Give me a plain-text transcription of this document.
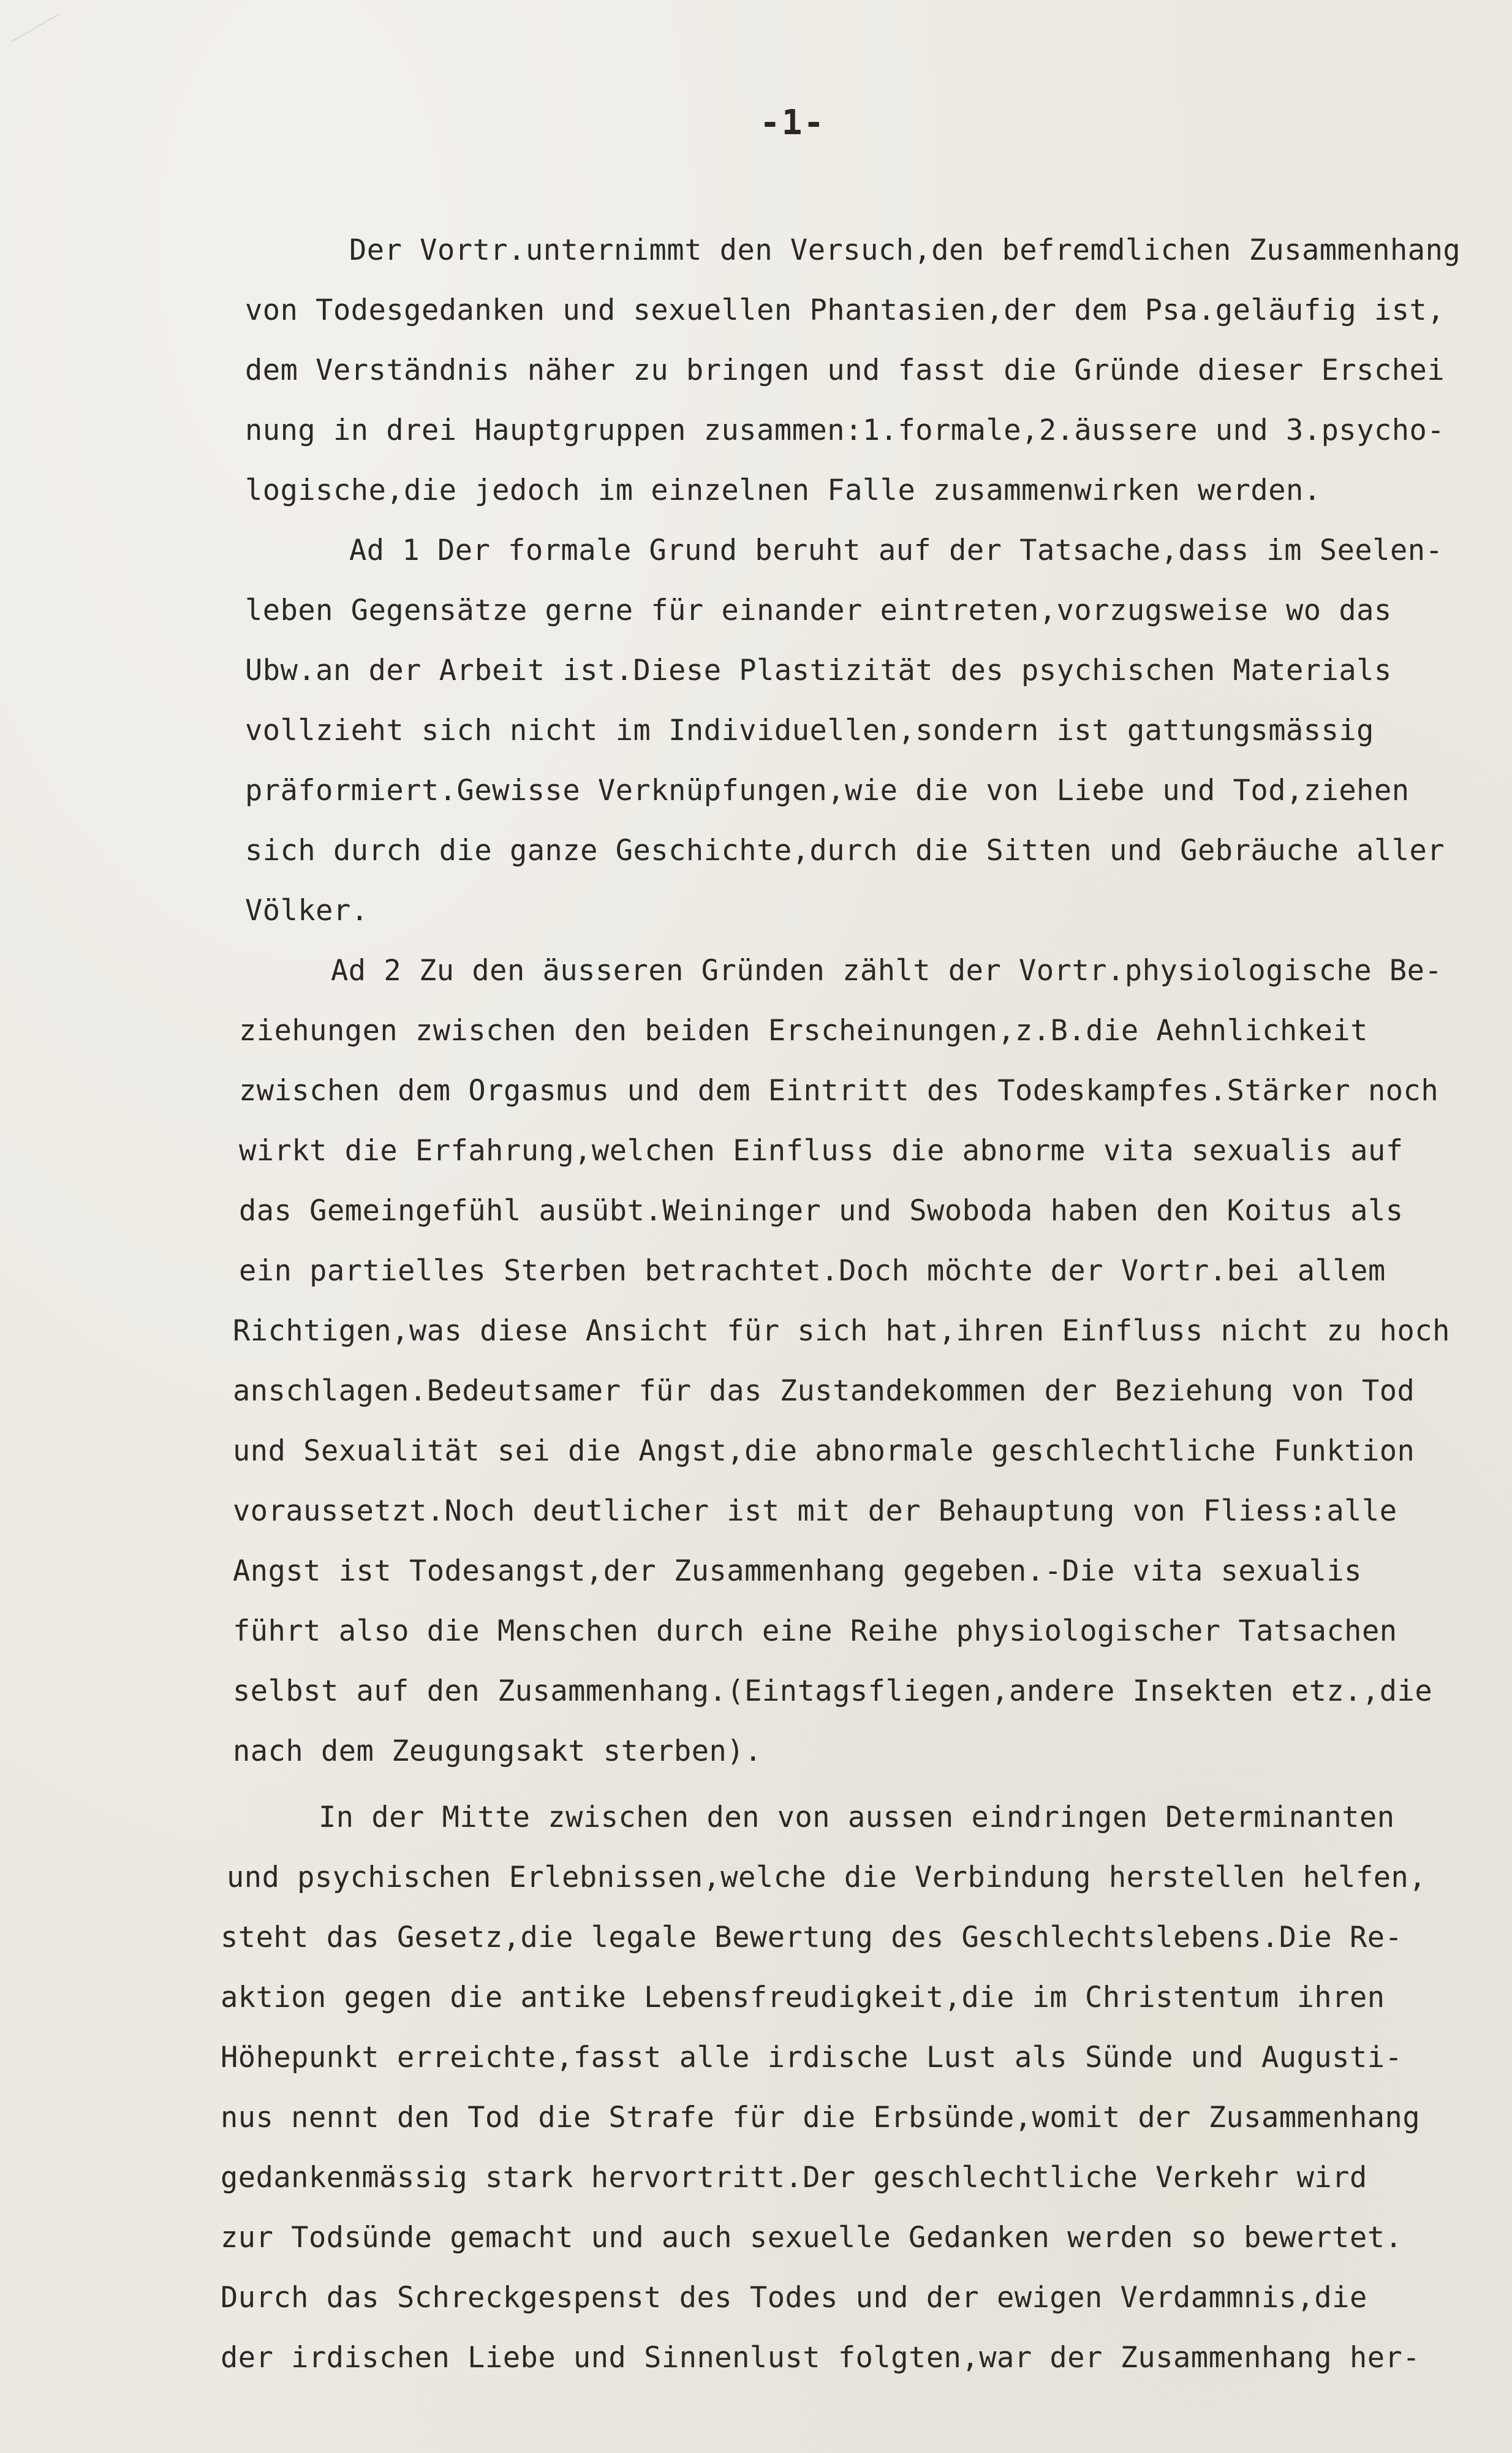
-1-
Der Vortr.unternimmt den Versuch,den befremdlichen Zusammenhang
von Todesgedanken und sexuellen Phantasien,der dem Psa.geläufig ist,
dem Verständnis näher zu bringen und fasst die Gründe dieser Erschei
nung in drei Hauptgruppen zusammen:1.formale,2.äussere und 3.psycho-
logische,die jedoch im einzelnen Falle zusammenwirken werden.
Ad 1 Der formale Grund beruht auf der Tatsache,dass im Seelen-
leben Gegensätze gerne für einander eintreten,vorzugsweise wo das
Ubw.an der Arbeit ist.Diese Plastizität des psychischen Materials
vollzieht sich nicht im Individuellen,sondern ist gattungsmässig
präformiert.Gewisse Verknüpfungen,wie die von Liebe und Tod,ziehen
sich durch die ganze Geschichte,durch die Sitten und Gebräuche aller
Völker.
Ad 2 Zu den äusseren Gründen zählt der Vortr.physiologische Be-
ziehungen zwischen den beiden Erscheinungen,z.B.die Aehnlichkeit
zwischen dem Orgasmus und dem Eintritt des Todeskampfes.Stärker noch
wirkt die Erfahrung,welchen Einfluss die abnorme vita sexualis auf
das Gemeingefühl ausübt.Weininger und Swoboda haben den Koitus als
ein partielles Sterben betrachtet.Doch möchte der Vortr.bei allem
Richtigen,was diese Ansicht für sich hat,ihren Einfluss nicht zu hoch
anschlagen.Bedeutsamer für das Zustandekommen der Beziehung von Tod
und Sexualität sei die Angst,die abnormale geschlechtliche Funktion
voraussetzt.Noch deutlicher ist mit der Behauptung von Fliess:alle
Angst ist Todesangst,der Zusammenhang gegeben.-Die vita sexualis
führt also die Menschen durch eine Reihe physiologischer Tatsachen
selbst auf den Zusammenhang.(Eintagsfliegen,andere Insekten etz.,die
nach dem Zeugungsakt sterben).
In der Mitte zwischen den von aussen eindringen Determinanten
und psychischen Erlebnissen,welche die Verbindung herstellen helfen,
steht das Gesetz,die legale Bewertung des Geschlechtslebens.Die Re-
aktion gegen die antike Lebensfreudigkeit,die im Christentum ihren
Höhepunkt erreichte,fasst alle irdische Lust als Sünde und Augusti-
nus nennt den Tod die Strafe für die Erbsünde,womit der Zusammenhang
gedankenmässig stark hervortritt.Der geschlechtliche Verkehr wird
zur Todsünde gemacht und auch sexuelle Gedanken werden so bewertet.
Durch das Schreckgespenst des Todes und der ewigen Verdammnis,die
der irdischen Liebe und Sinnenlust folgten,war der Zusammenhang her-
